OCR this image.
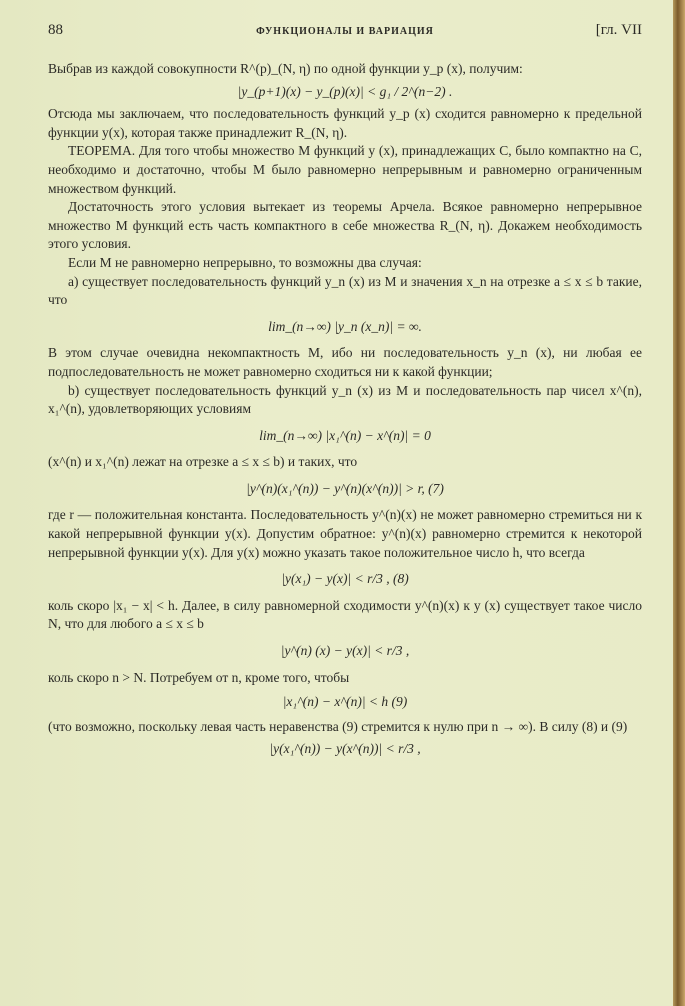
88	ФУНКЦИОНАЛЫ И ВАРИАЦИЯ	[гл. VII

Выбрав из каждой совокупности R^(p)_(N, η) по одной функции y_p (x), получим:

|y_(p+1)(x) − y_(p)(x)| < g₁ / 2^(n−2) .

Отсюда мы заключаем, что последовательность функций y_p (x) сходится равномерно к предельной функции y(x), которая также принадлежит R_(N, η).

ТЕОРЕМА. Для того чтобы множество M функций y (x), принадлежащих C, было компактно на C, необходимо и достаточно, чтобы M было равномерно непрерывным и равномерно ограниченным множеством функций.

Достаточность этого условия вытекает из теоремы Арчела. Всякое равномерно непрерывное множество M функций есть часть компактного в себе множества R_(N, η). Докажем необходимость этого условия.

Если M не равномерно непрерывно, то возможны два случая:

a) существует последовательность функций y_n (x) из M и значения x_n на отрезке a ≤ x ≤ b такие, что

lim_(n→∞) |y_n (x_n)| = ∞.

В этом случае очевидна некомпактность M, ибо ни последовательность y_n (x), ни любая ее подпоследовательность не может равномерно сходиться ни к какой функции;

b) существует последовательность функций y_n (x) из M и последовательность пар чисел x^(n), x₁^(n), удовлетворяющих условиям

lim_(n→∞) |x₁^(n) − x^(n)| = 0

(x^(n) и x₁^(n) лежат на отрезке a ≤ x ≤ b) и таких, что

|y^(n)(x₁^(n)) − y^(n)(x^(n))| > r, (7)

где r — положительная константа. Последовательность y^(n)(x) не может равномерно стремиться ни к какой непрерывной функции y(x). Допустим обратное: y^(n)(x) равномерно стремится к некоторой непрерывной функции y(x). Для y(x) можно указать такое положительное число h, что всегда

|y(x₁) − y(x)| < r/3 , (8)

коль скоро |x₁ − x| < h. Далее, в силу равномерной сходимости y^(n)(x) к y (x) существует такое число N, что для любого a ≤ x ≤ b

|y^(n) (x) − y(x)| < r/3 ,

коль скоро n > N. Потребуем от n, кроме того, чтобы

|x₁^(n) − x^(n)| < h (9)

(что возможно, поскольку левая часть неравенства (9) стремится к нулю при n → ∞). В силу (8) и (9)

|y(x₁^(n)) − y(x^(n))| < r/3 ,
